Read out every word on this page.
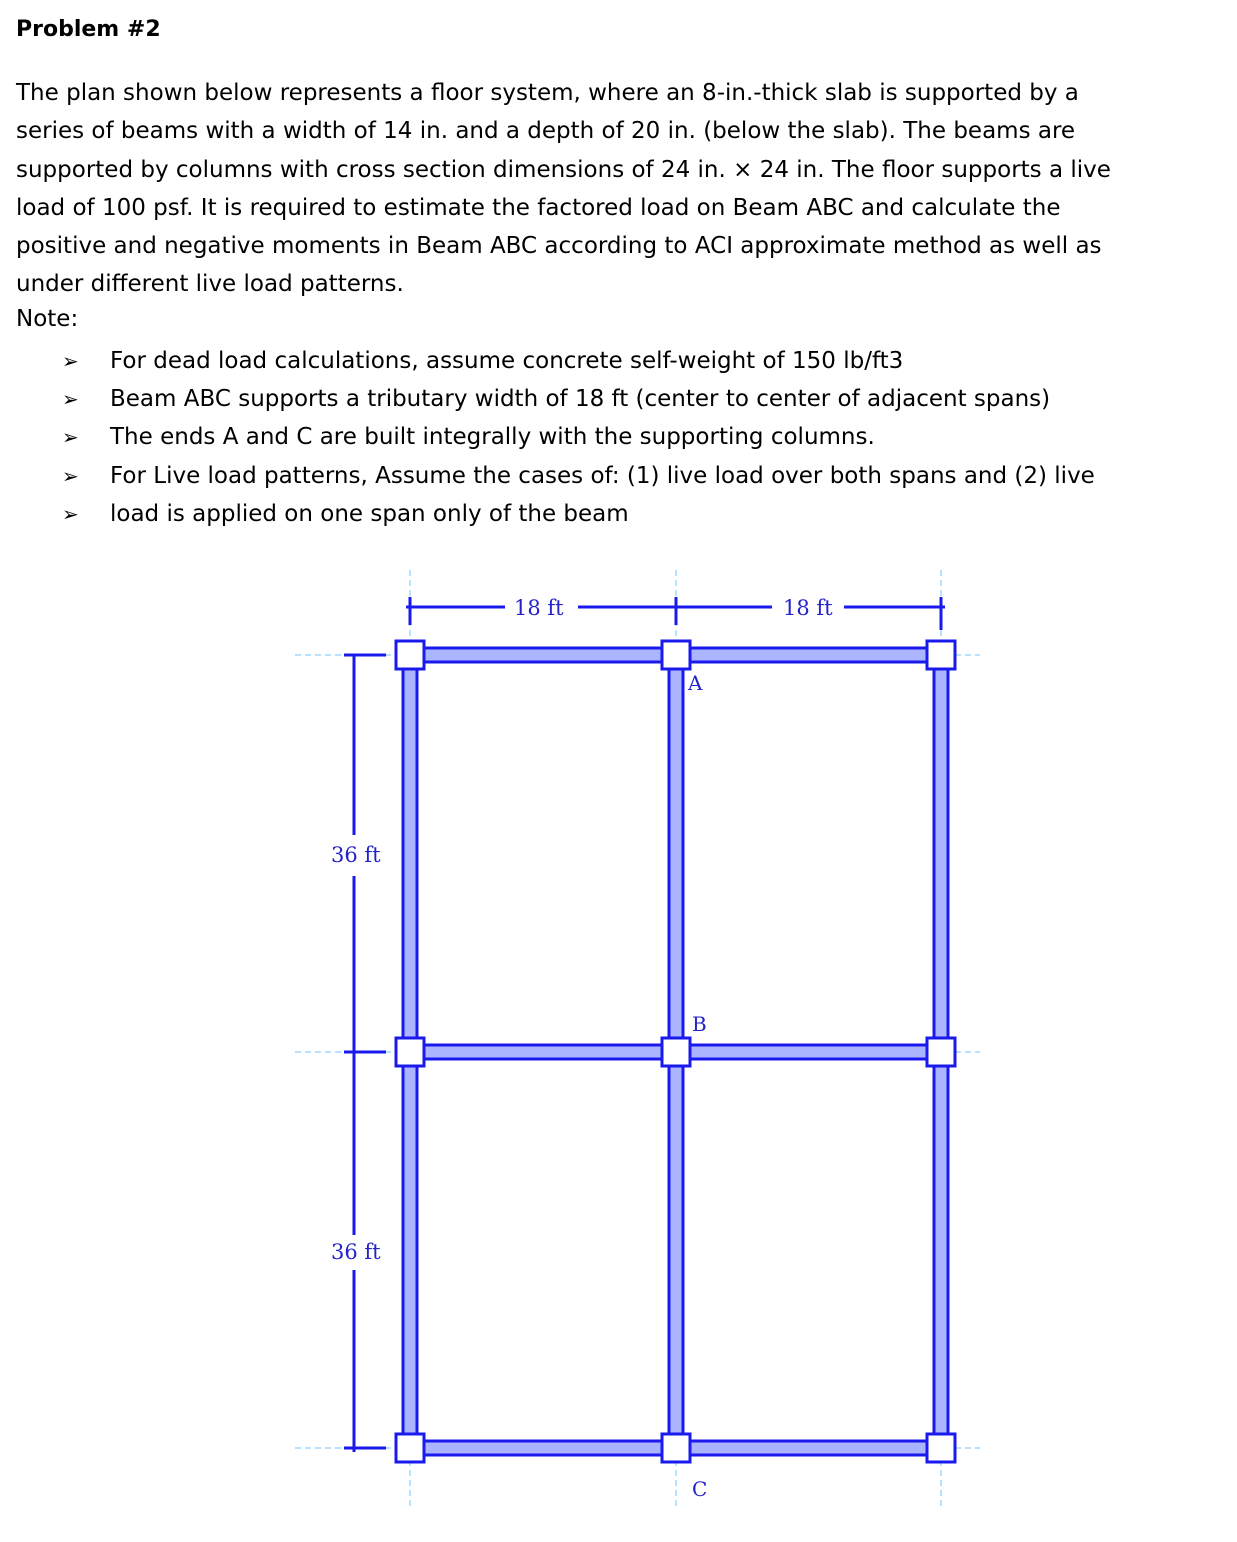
Problem #2

The plan shown below represents a floor system, where an 8-in.-thick slab is supported by a
series of beams with a width of 14 in. and a depth of 20 in. (below the slab). The beams are
supported by columns with cross section dimensions of 24 in. × 24 in. The floor supports a live
load of 100 psf. It is required to estimate the factored load on Beam ABC and calculate the
positive and negative moments in Beam ABC according to ACI approximate method as well as
under different live load patterns.

Note:
➢ For dead load calculations, assume concrete self-weight of 150 lb/ft3
➢ Beam ABC supports a tributary width of 18 ft (center to center of adjacent spans)
➢ The ends A and C are built integrally with the supporting columns.
➢ For Live load patterns, Assume the cases of: (1) live load over both spans and (2) live
➢ load is applied on one span only of the beam
18 ft	18 ft
36 ft
36 ft
A
B
C
